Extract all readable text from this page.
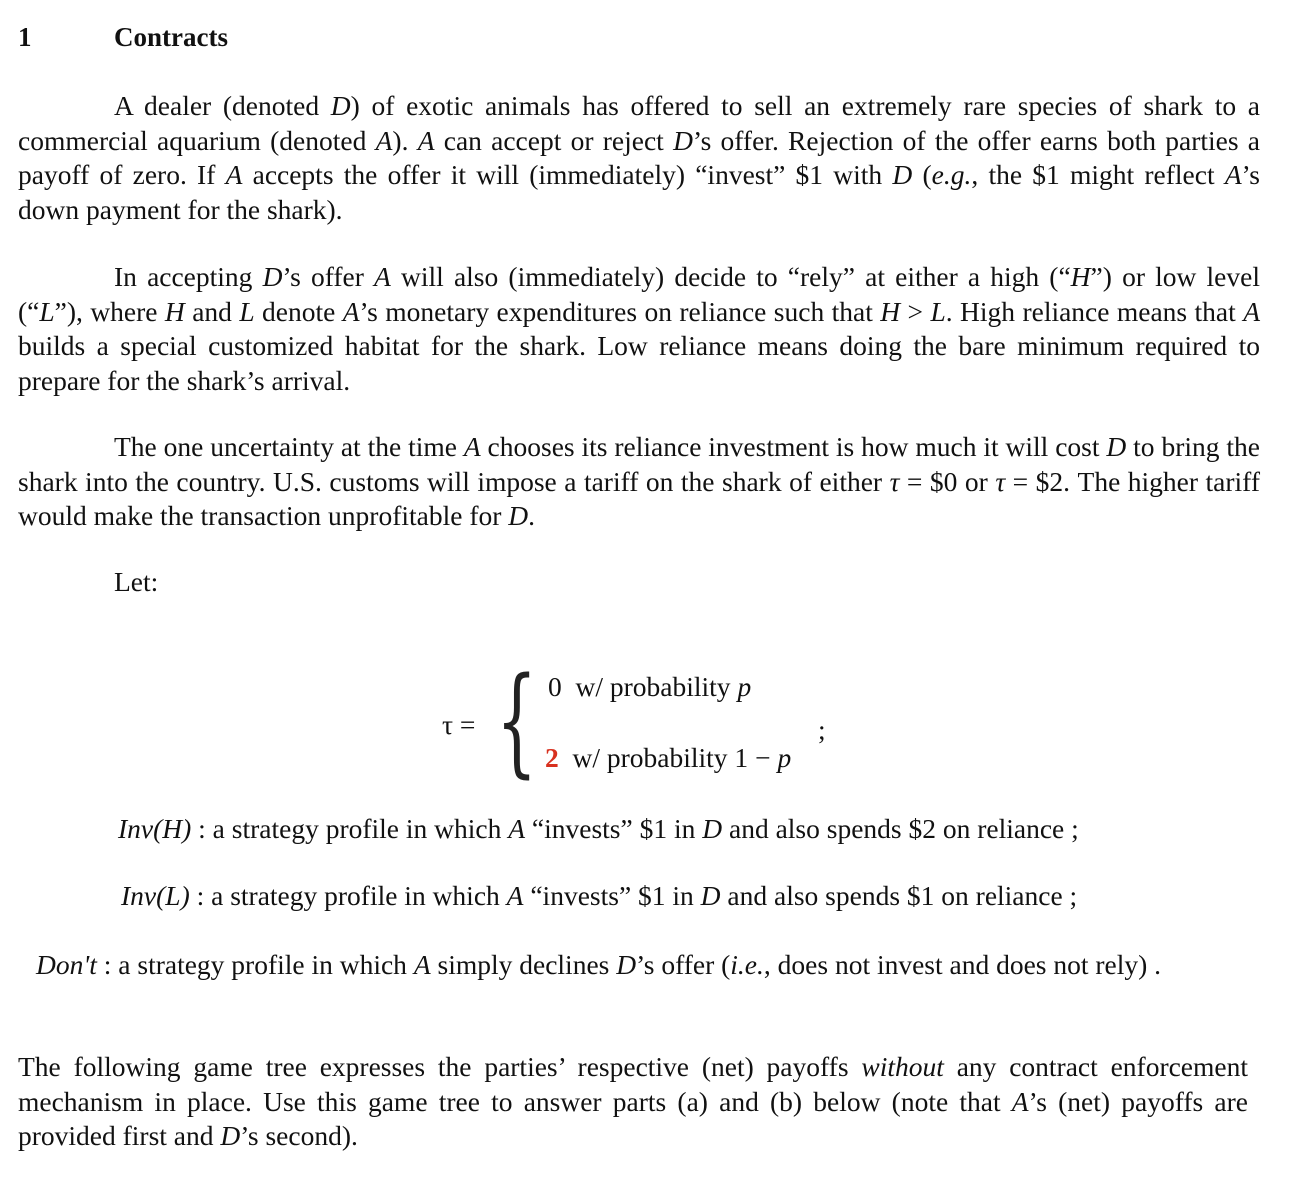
1	Contracts
A dealer (denoted D) of exotic animals has offered to sell an extremely rare species of shark to a commercial aquarium (denoted A). A can accept or reject D’s offer. Rejection of the offer earns both parties a payoff of zero. If A accepts the offer it will (immediately) “invest” $1 with D (e.g., the $1 might reflect A’s down payment for the shark).
In accepting D’s offer A will also (immediately) decide to “rely” at either a high (“H”) or low level (“L”), where H and L denote A’s monetary expenditures on reliance such that H > L. High reliance means that A builds a special customized habitat for the shark. Low reliance means doing the bare minimum required to prepare for the shark’s arrival.
The one uncertainty at the time A chooses its reliance investment is how much it will cost D to bring the shark into the country. U.S. customs will impose a tariff on the shark of either τ = $0 or τ = $2. The higher tariff would make the transaction unprofitable for D.
Let:
τ = { 0 w/ probability p
2 w/ probability 1 − p
;
Inv(H) : a strategy profile in which A “invests” $1 in D and also spends $2 on reliance ;
Inv(L) : a strategy profile in which A “invests” $1 in D and also spends $1 on reliance ;
Don't : a strategy profile in which A simply declines D’s offer (i.e., does not invest and does not rely) .
The following game tree expresses the parties’ respective (net) payoffs without any contract enforcement mechanism in place. Use this game tree to answer parts (a) and (b) below (note that A’s (net) payoffs are provided first and D’s second).
